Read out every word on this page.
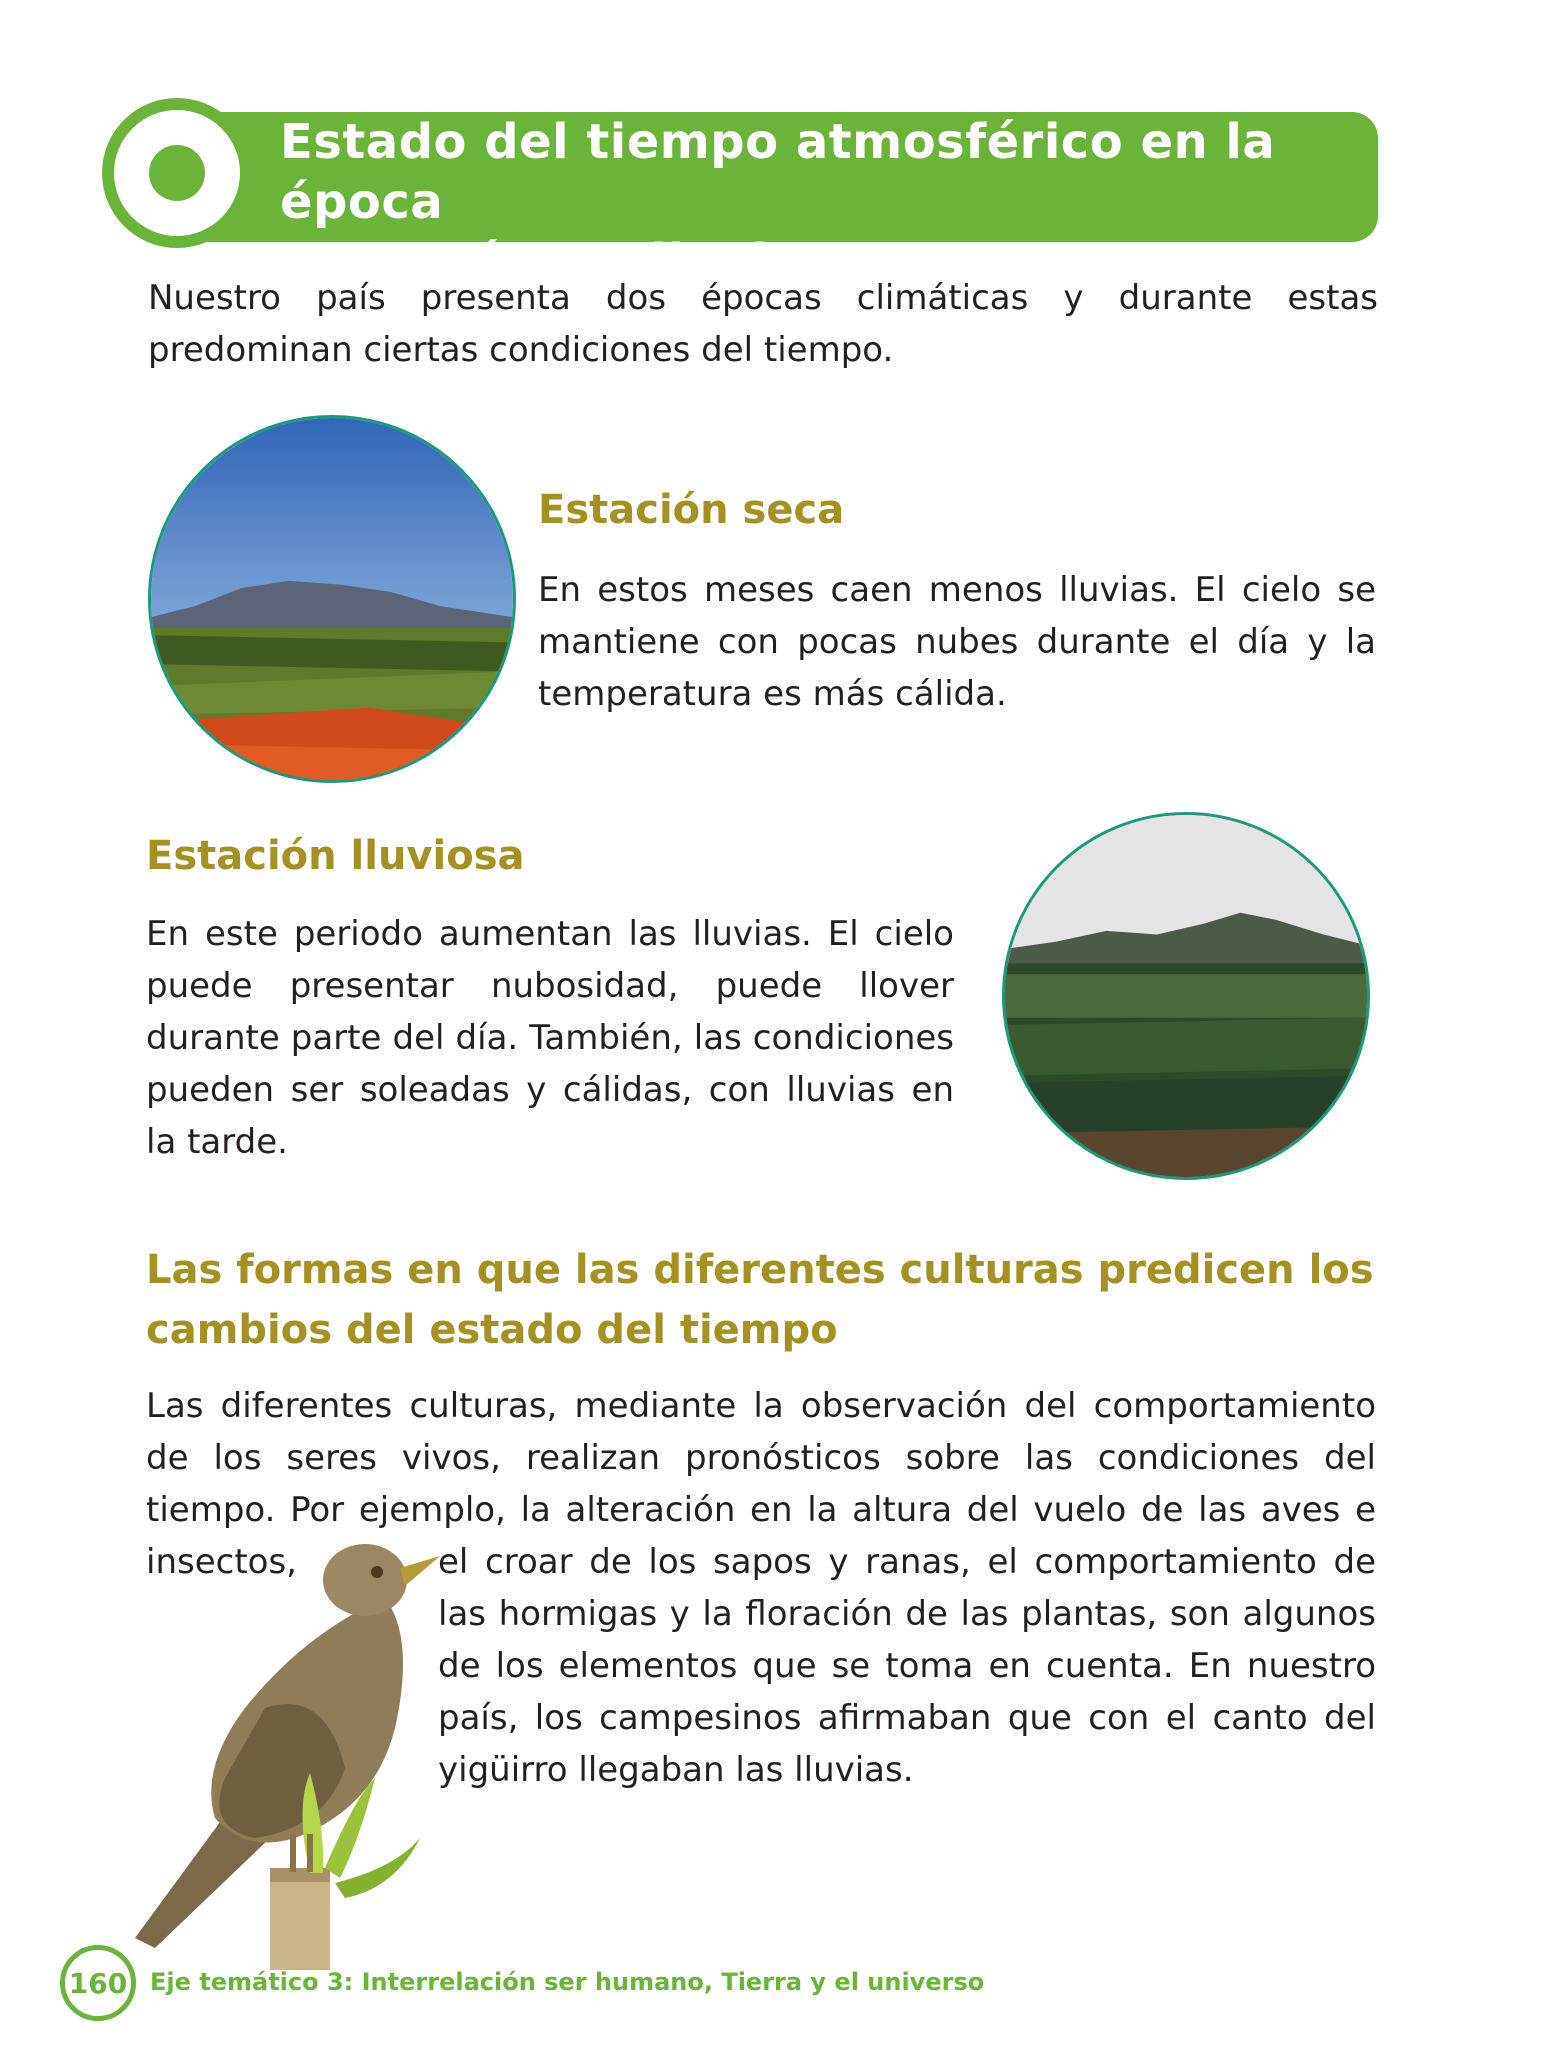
Estado del tiempo atmosférico en la época
seca y época lluviosa

Nuestro país presenta dos épocas climáticas y durante estas predominan ciertas condiciones del tiempo.

Estación seca

En estos meses caen menos lluvias. El cielo se mantiene con pocas nubes durante el día y la temperatura es más cálida.

Estación lluviosa

En este periodo aumentan las lluvias. El cielo puede presentar nubosidad, puede llover durante parte del día. También, las condiciones pueden ser soleadas y cálidas, con lluvias en la tarde.

Las formas en que las diferentes culturas predicen los
cambios del estado del tiempo

Las diferentes culturas, mediante la observación del comportamiento de los seres vivos, realizan pronósticos sobre las condiciones del tiempo. Por ejemplo, la alteración en la altura del vuelo de las aves e insectos,	el croar de los sapos y ranas, el comportamiento de las hormigas y la floración de las plantas, son algunos de los elementos que se toma en cuenta. En nuestro país, los campesinos afirmaban que con el canto del yigüirro llegaban las lluvias.

160 Eje temático 3: Interrelación ser humano, Tierra y el universo
